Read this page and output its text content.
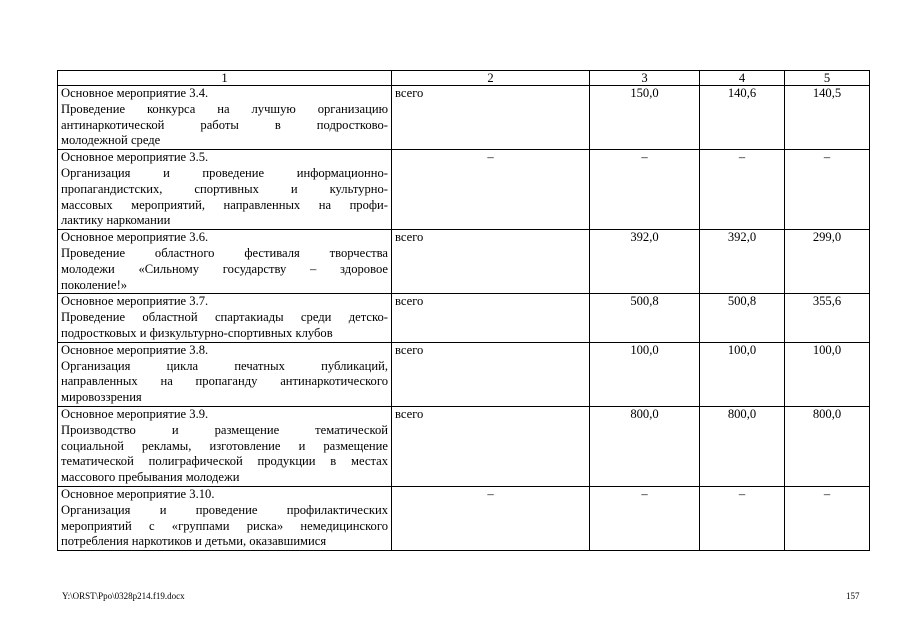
1	2	3	4	5

Основное мероприятие 3.4.
Проведение конкурса на лучшую организацию
антинаркотической работы в подростково-
молодежной среде	всего	150,0	140,6	140,5

Основное мероприятие 3.5.
Организация и проведение информационно-
пропагандистских, спортивных и культурно-
массовых мероприятий, направленных на профи-
лактику наркомании	–	–	–	–

Основное мероприятие 3.6.
Проведение областного фестиваля творчества
молодежи «Сильному государству – здоровое
поколение!»	всего	392,0	392,0	299,0

Основное мероприятие 3.7.
Проведение областной спартакиады среди детско-
подростковых и физкультурно-спортивных клубов	всего	500,8	500,8	355,6

Основное мероприятие 3.8.
Организация цикла печатных публикаций,
направленных на пропаганду антинаркотического
мировоззрения	всего	100,0	100,0	100,0

Основное мероприятие 3.9.
Производство и размещение тематической
социальной рекламы, изготовление и размещение
тематической полиграфической продукции в местах
массового пребывания молодежи	всего	800,0	800,0	800,0

Основное мероприятие 3.10.
Организация и проведение профилактических
мероприятий с «группами риска» немедицинского
потребления наркотиков и детьми, оказавшимися	–	–	–	–
Y:\ORST\Ppo\0328p214.f19.docx	157
